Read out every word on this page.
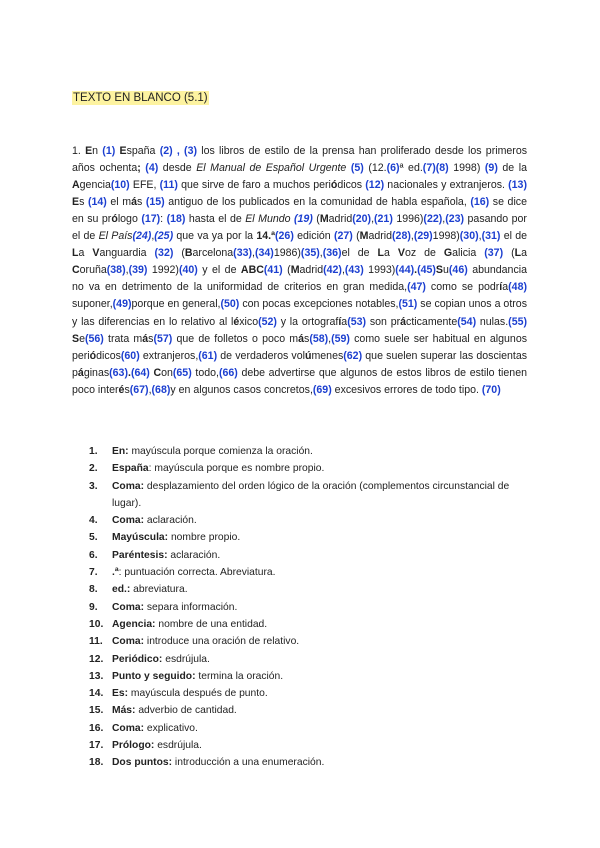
TEXTO EN BLANCO (5.1)

1. En (1) España (2) , (3) los libros de estilo de la prensa han proliferado desde los primeros años ochenta; (4) desde El Manual de Español Urgente (5) (12.(6)ª ed.(7)(8) 1998) (9) de la Agencia(10) EFE, (11) que sirve de faro a muchos periódicos (12) nacionales y extranjeros. (13) Es (14) el más (15) antiguo de los publicados en la comunidad de habla española, (16) se dice en su prólogo (17): (18) hasta el de El Mundo (19) (Madrid(20),(21) 1996)(22),(23) pasando por el de El País(24),(25) que va ya por la 14.ª(26) edición (27) (Madrid(28),(29)1998)(30),(31) el de La Vanguardia (32) (Barcelona(33),(34)1986)(35),(36)el de La Voz de Galicia (37) (La Coruña(38),(39) 1992)(40) y el de ABC(41) (Madrid(42),(43) 1993)(44).(45)Su(46) abundancia no va en detrimento de la uniformidad de criterios en gran medida,(47) como se podría(48) suponer,(49)porque en general,(50) con pocas excepciones notables,(51) se copian unos a otros y las diferencias en lo relativo al léxico(52) y la ortografía(53) son prácticamente(54) nulas.(55) Se(56) trata más(57) que de folletos o poco más(58),(59) como suele ser habitual en algunos periódicos(60) extranjeros,(61) de verdaderos volúmenes(62) que suelen superar las doscientas páginas(63).(64) Con(65) todo,(66) debe advertirse que algunos de estos libros de estilo tienen poco interés(67),(68)y en algunos casos concretos,(69) excesivos errores de todo tipo. (70)

1. En: mayúscula porque comienza la oración.
2. España: mayúscula porque es nombre propio.
3. Coma: desplazamiento del orden lógico de la oración (complementos circunstancial de lugar).
4. Coma: aclaración.
5. Mayúscula: nombre propio.
6. Paréntesis: aclaración.
7. .ª: puntuación correcta. Abreviatura.
8. ed.: abreviatura.
9. Coma: separa información.
10. Agencia: nombre de una entidad.
11. Coma: introduce una oración de relativo.
12. Periódico: esdrújula.
13. Punto y seguido: termina la oración.
14. Es: mayúscula después de punto.
15. Más: adverbio de cantidad.
16. Coma: explicativo.
17. Prólogo: esdrújula.
18. Dos puntos: introducción a una enumeración.
